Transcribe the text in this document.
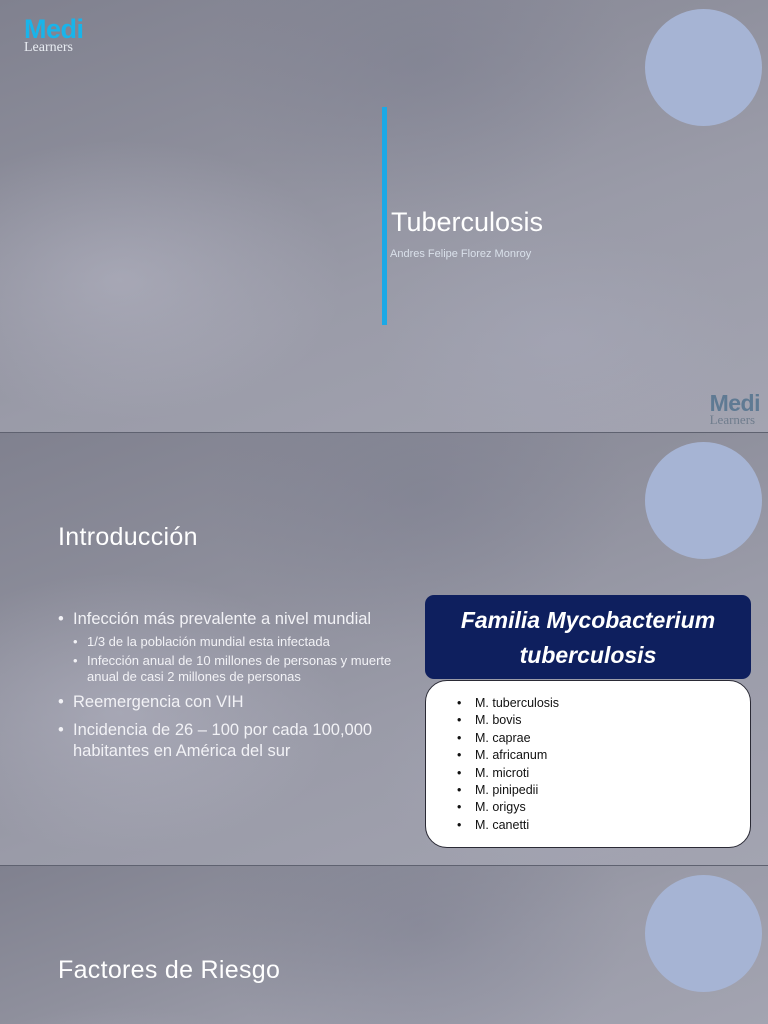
Medi
Learners
Tuberculosis
Andres Felipe Florez Monroy
Medi
Learners
Introducción
• Infección más prevalente a nivel mundial
• 1/3 de la población mundial esta infectada
• Infección anual de 10 millones de personas y muerte anual de casi 2 millones de personas
• Reemergencia con VIH
• Incidencia de 26 – 100 por cada 100,000 habitantes en América del sur
Familia Mycobacterium
tuberculosis
• M. tuberculosis
• M. bovis
• M. caprae
• M. africanum
• M. microti
• M. pinipedii
• M. origys
• M. canetti
Factores de Riesgo
